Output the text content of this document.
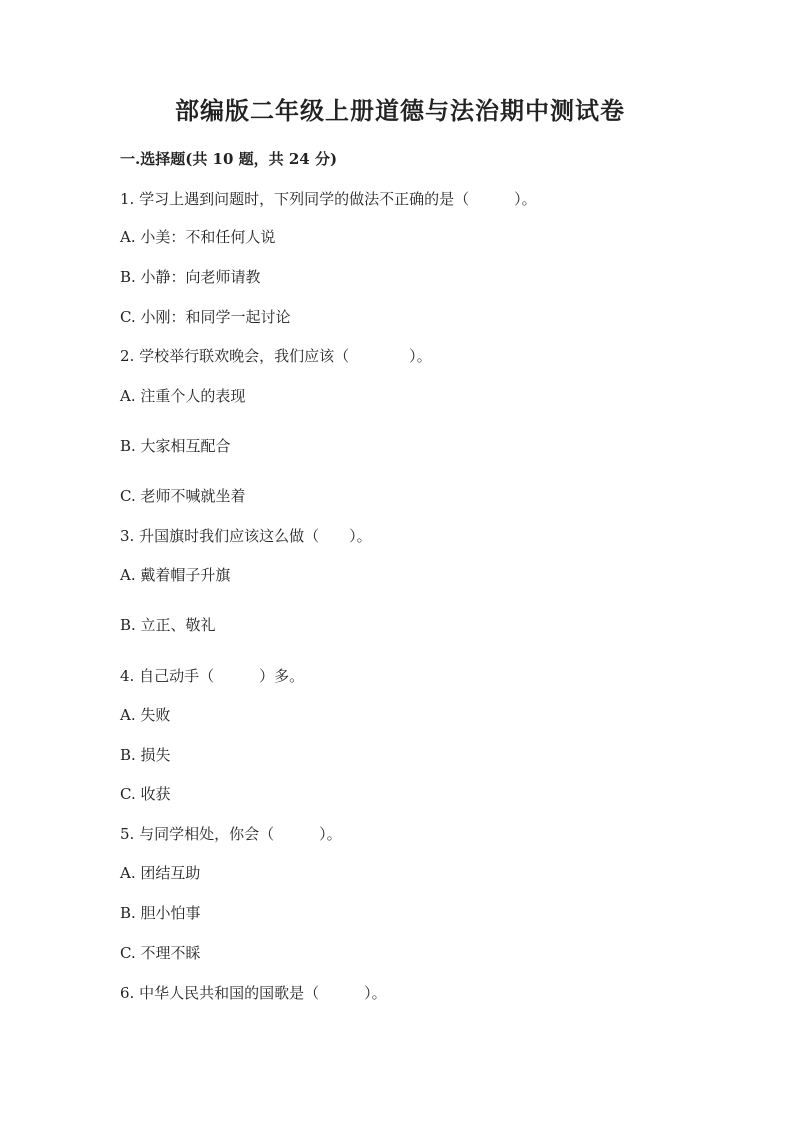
部编版二年级上册道德与法治期中测试卷
一.选择题(共 10 题，共 24 分)
1. 学习上遇到问题时，下列同学的做法不正确的是（　　　）。
A. 小美：不和任何人说
B. 小静：向老师请教
C. 小刚：和同学一起讨论
2. 学校举行联欢晚会，我们应该（　　　　）。
A. 注重个人的表现
B. 大家相互配合
C. 老师不喊就坐着
3. 升国旗时我们应该这么做（　　）。
A. 戴着帽子升旗
B. 立正、敬礼
4. 自己动手（　　　）多。
A. 失败
B. 损失
C. 收获
5. 与同学相处，你会（　　　）。
A. 团结互助
B. 胆小怕事
C. 不理不睬
6. 中华人民共和国的国歌是（　　　）。
